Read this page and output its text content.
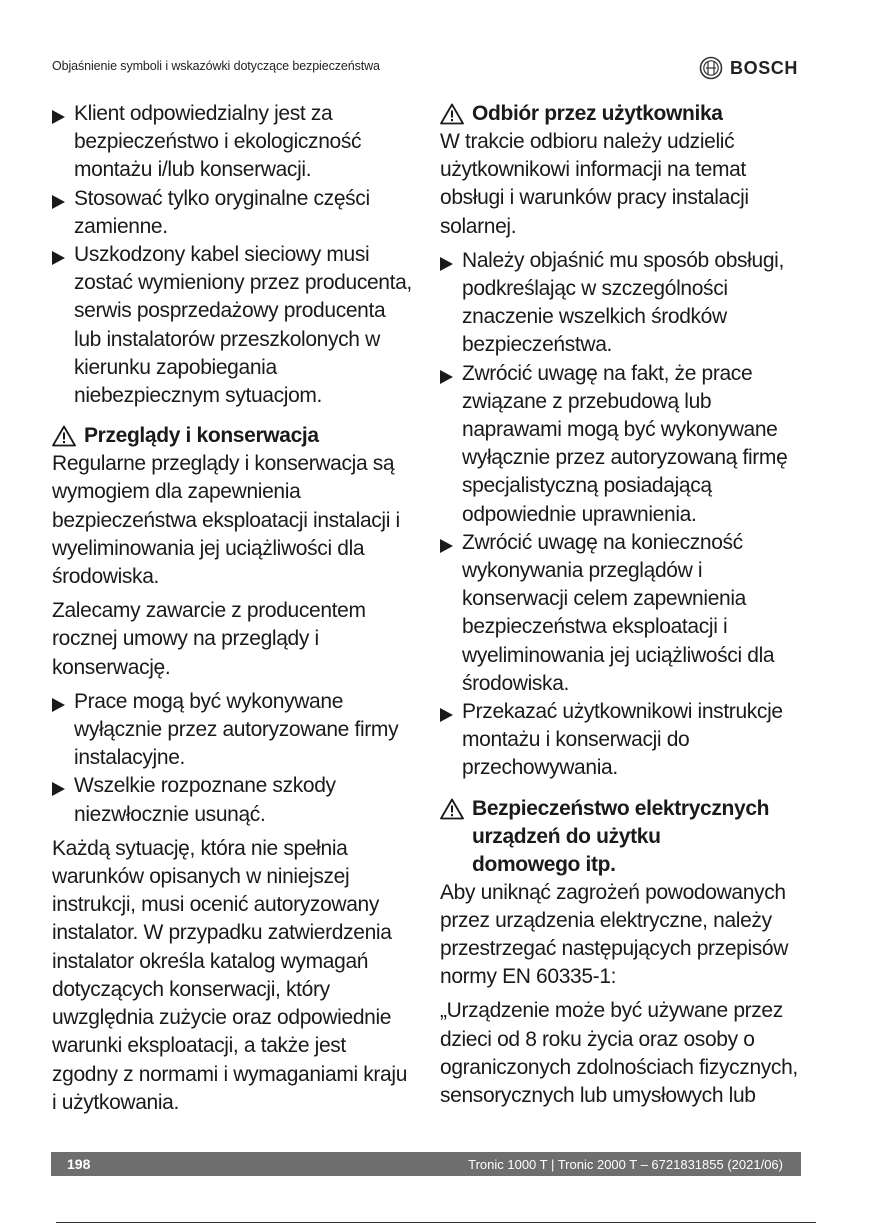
Objaśnienie symboli i wskazówki dotyczące bezpieczeństwa	BOSCH
Klient odpowiedzialny jest za bezpieczeństwo i ekologiczność montażu i/lub konserwacji.
Stosować tylko oryginalne części zamienne.
Uszkodzony kabel sieciowy musi zostać wymieniony przez producenta, serwis posprzedażowy producenta lub instalatorów przeszkolonych w kierunku zapobiegania niebezpiecznym sytuacjom.
Przeglądy i konserwacja

Regularne przeglądy i konserwacja są wymogiem dla zapewnienia bezpieczeństwa eksploatacji instalacji i wyeliminowania jej uciążliwości dla środowiska.

Zalecamy zawarcie z producentem rocznej umowy na przeglądy i konserwację.

Prace mogą być wykonywane wyłącznie przez autoryzowane firmy instalacyjne.
Wszelkie rozpoznane szkody niezwłocznie usunąć.

Każdą sytuację, która nie spełnia warunków opisanych w niniejszej instrukcji, musi ocenić autoryzowany instalator. W przypadku zatwierdzenia instalator określa katalog wymagań dotyczących konserwacji, który uwzględnia zużycie oraz odpowiednie warunki eksploatacji, a także jest zgodny z normami i wymaganiami kraju i użytkowania.

Odbiór przez użytkownika

W trakcie odbioru należy udzielić użytkownikowi informacji na temat obsługi i warunków pracy instalacji solarnej.

Należy objaśnić mu sposób obsługi, podkreślając w szczególności znaczenie wszelkich środków bezpieczeństwa.
Zwrócić uwagę na fakt, że prace związane z przebudową lub naprawami mogą być wykonywane wyłącznie przez autoryzowaną firmę specjalistyczną posiadającą odpowiednie uprawnienia.
Zwrócić uwagę na konieczność wykonywania przeglądów i konserwacji celem zapewnienia bezpieczeństwa eksploatacji i wyeliminowania jej uciążliwości dla środowiska.
Przekazać użytkownikowi instrukcje montażu i konserwacji do przechowywania.
Bezpieczeństwo elektrycznych urządzeń do użytku domowego itp.

Aby uniknąć zagrożeń powodowanych przez urządzenia elektryczne, należy przestrzegać następujących przepisów normy EN 60335-1:

„Urządzenie może być używane przez dzieci od 8 roku życia oraz osoby o ograniczonych zdolnościach fizycznych, sensorycznych lub umysłowych lub

198	Tronic 1000 T | Tronic 2000 T – 6721831855 (2021/06)
